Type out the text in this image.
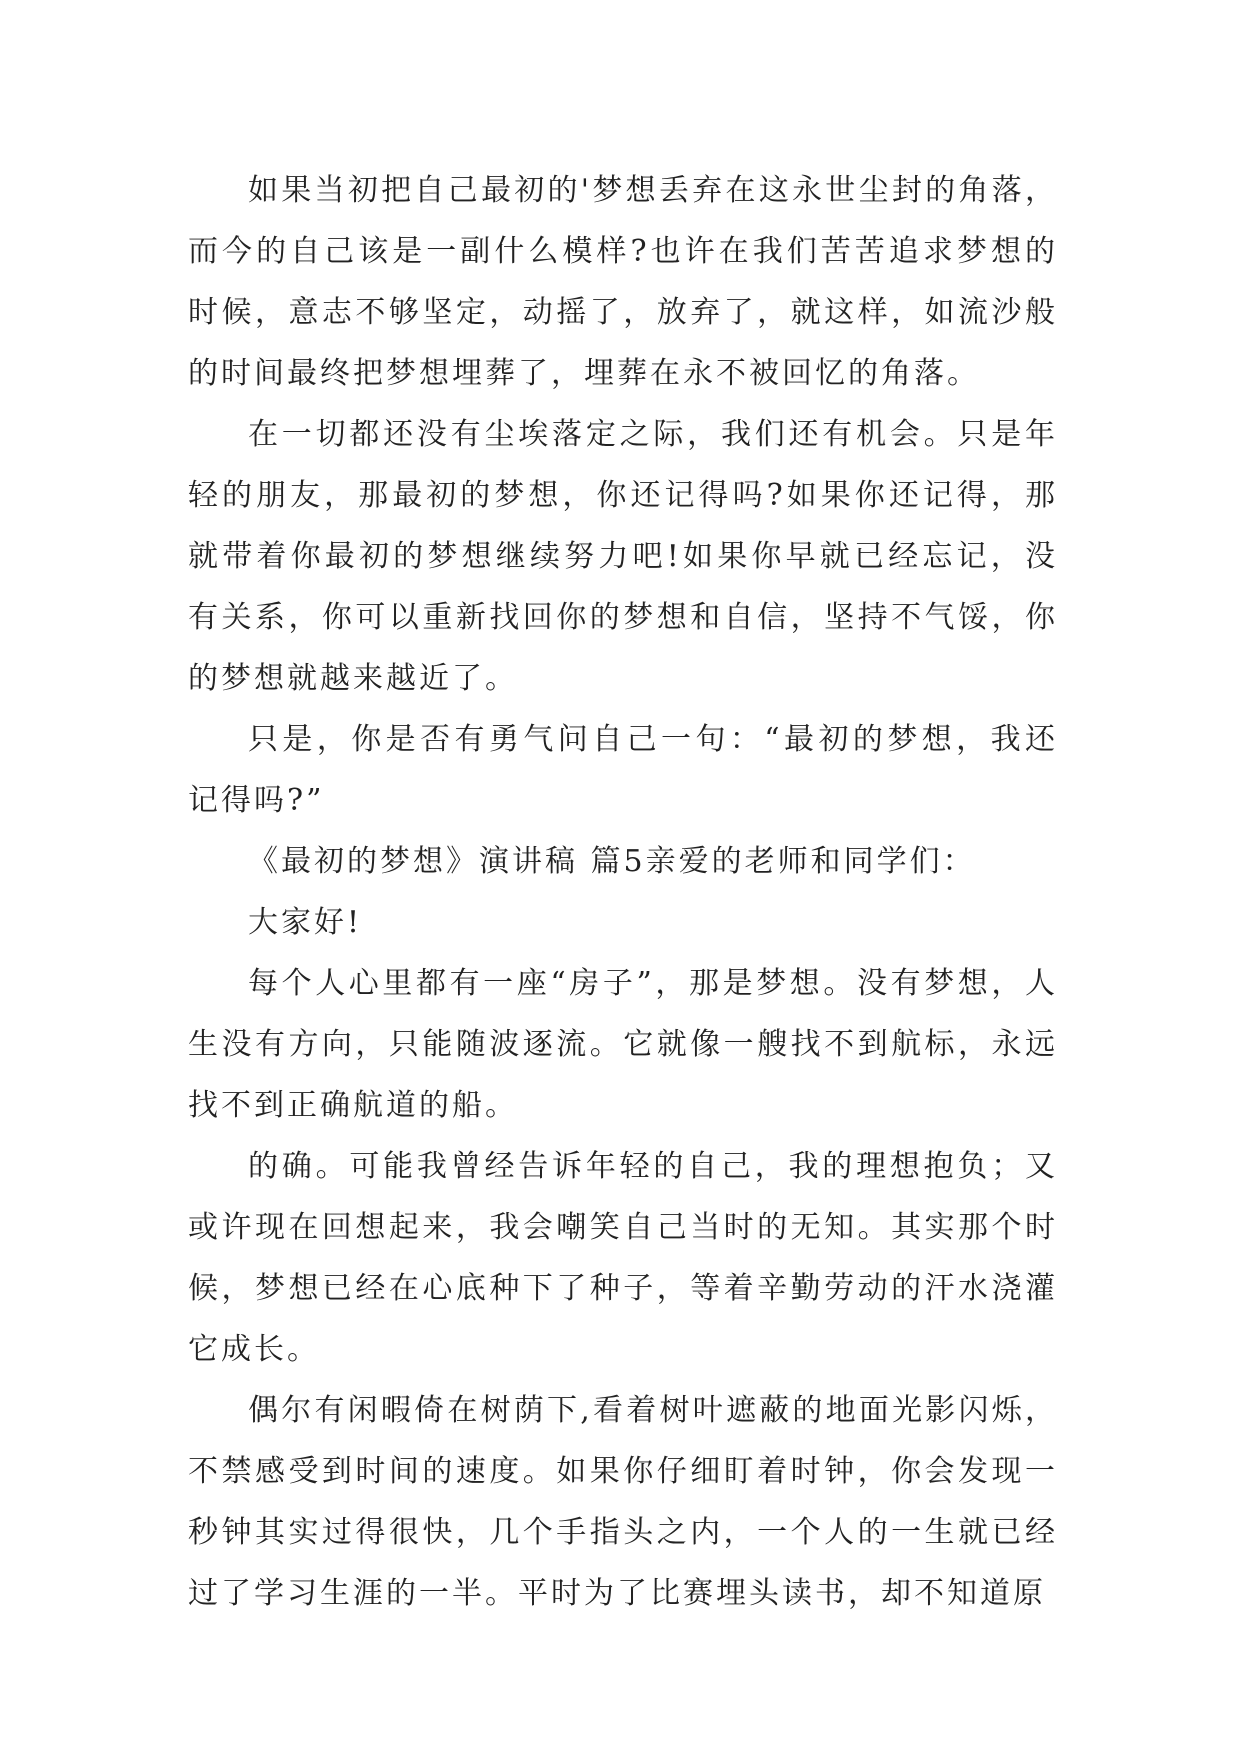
如果当初把自己最初的'梦想丢弃在这永世尘封的角落，而今的自己该是一副什么模样?也许在我们苦苦追求梦想的时候，意志不够坚定，动摇了，放弃了，就这样，如流沙般的时间最终把梦想埋葬了，埋葬在永不被回忆的角落。

在一切都还没有尘埃落定之际，我们还有机会。只是年轻的朋友，那最初的梦想，你还记得吗?如果你还记得，那就带着你最初的梦想继续努力吧!如果你早就已经忘记，没有关系，你可以重新找回你的梦想和自信，坚持不气馁，你的梦想就越来越近了。

只是，你是否有勇气问自己一句：“最初的梦想，我还记得吗?”

《最初的梦想》演讲稿 篇5亲爱的老师和同学们：

大家好!

每个人心里都有一座“房子”，那是梦想。没有梦想，人生没有方向，只能随波逐流。它就像一艘找不到航标，永远找不到正确航道的船。

的确。可能我曾经告诉年轻的自己，我的理想抱负；又或许现在回想起来，我会嘲笑自己当时的无知。其实那个时候，梦想已经在心底种下了种子，等着辛勤劳动的汗水浇灌它成长。

偶尔有闲暇倚在树荫下,看着树叶遮蔽的地面光影闪烁，不禁感受到时间的速度。如果你仔细盯着时钟，你会发现一秒钟其实过得很快，几个手指头之内，一个人的一生就已经过了学习生涯的一半。平时为了比赛埋头读书，却不知道原
